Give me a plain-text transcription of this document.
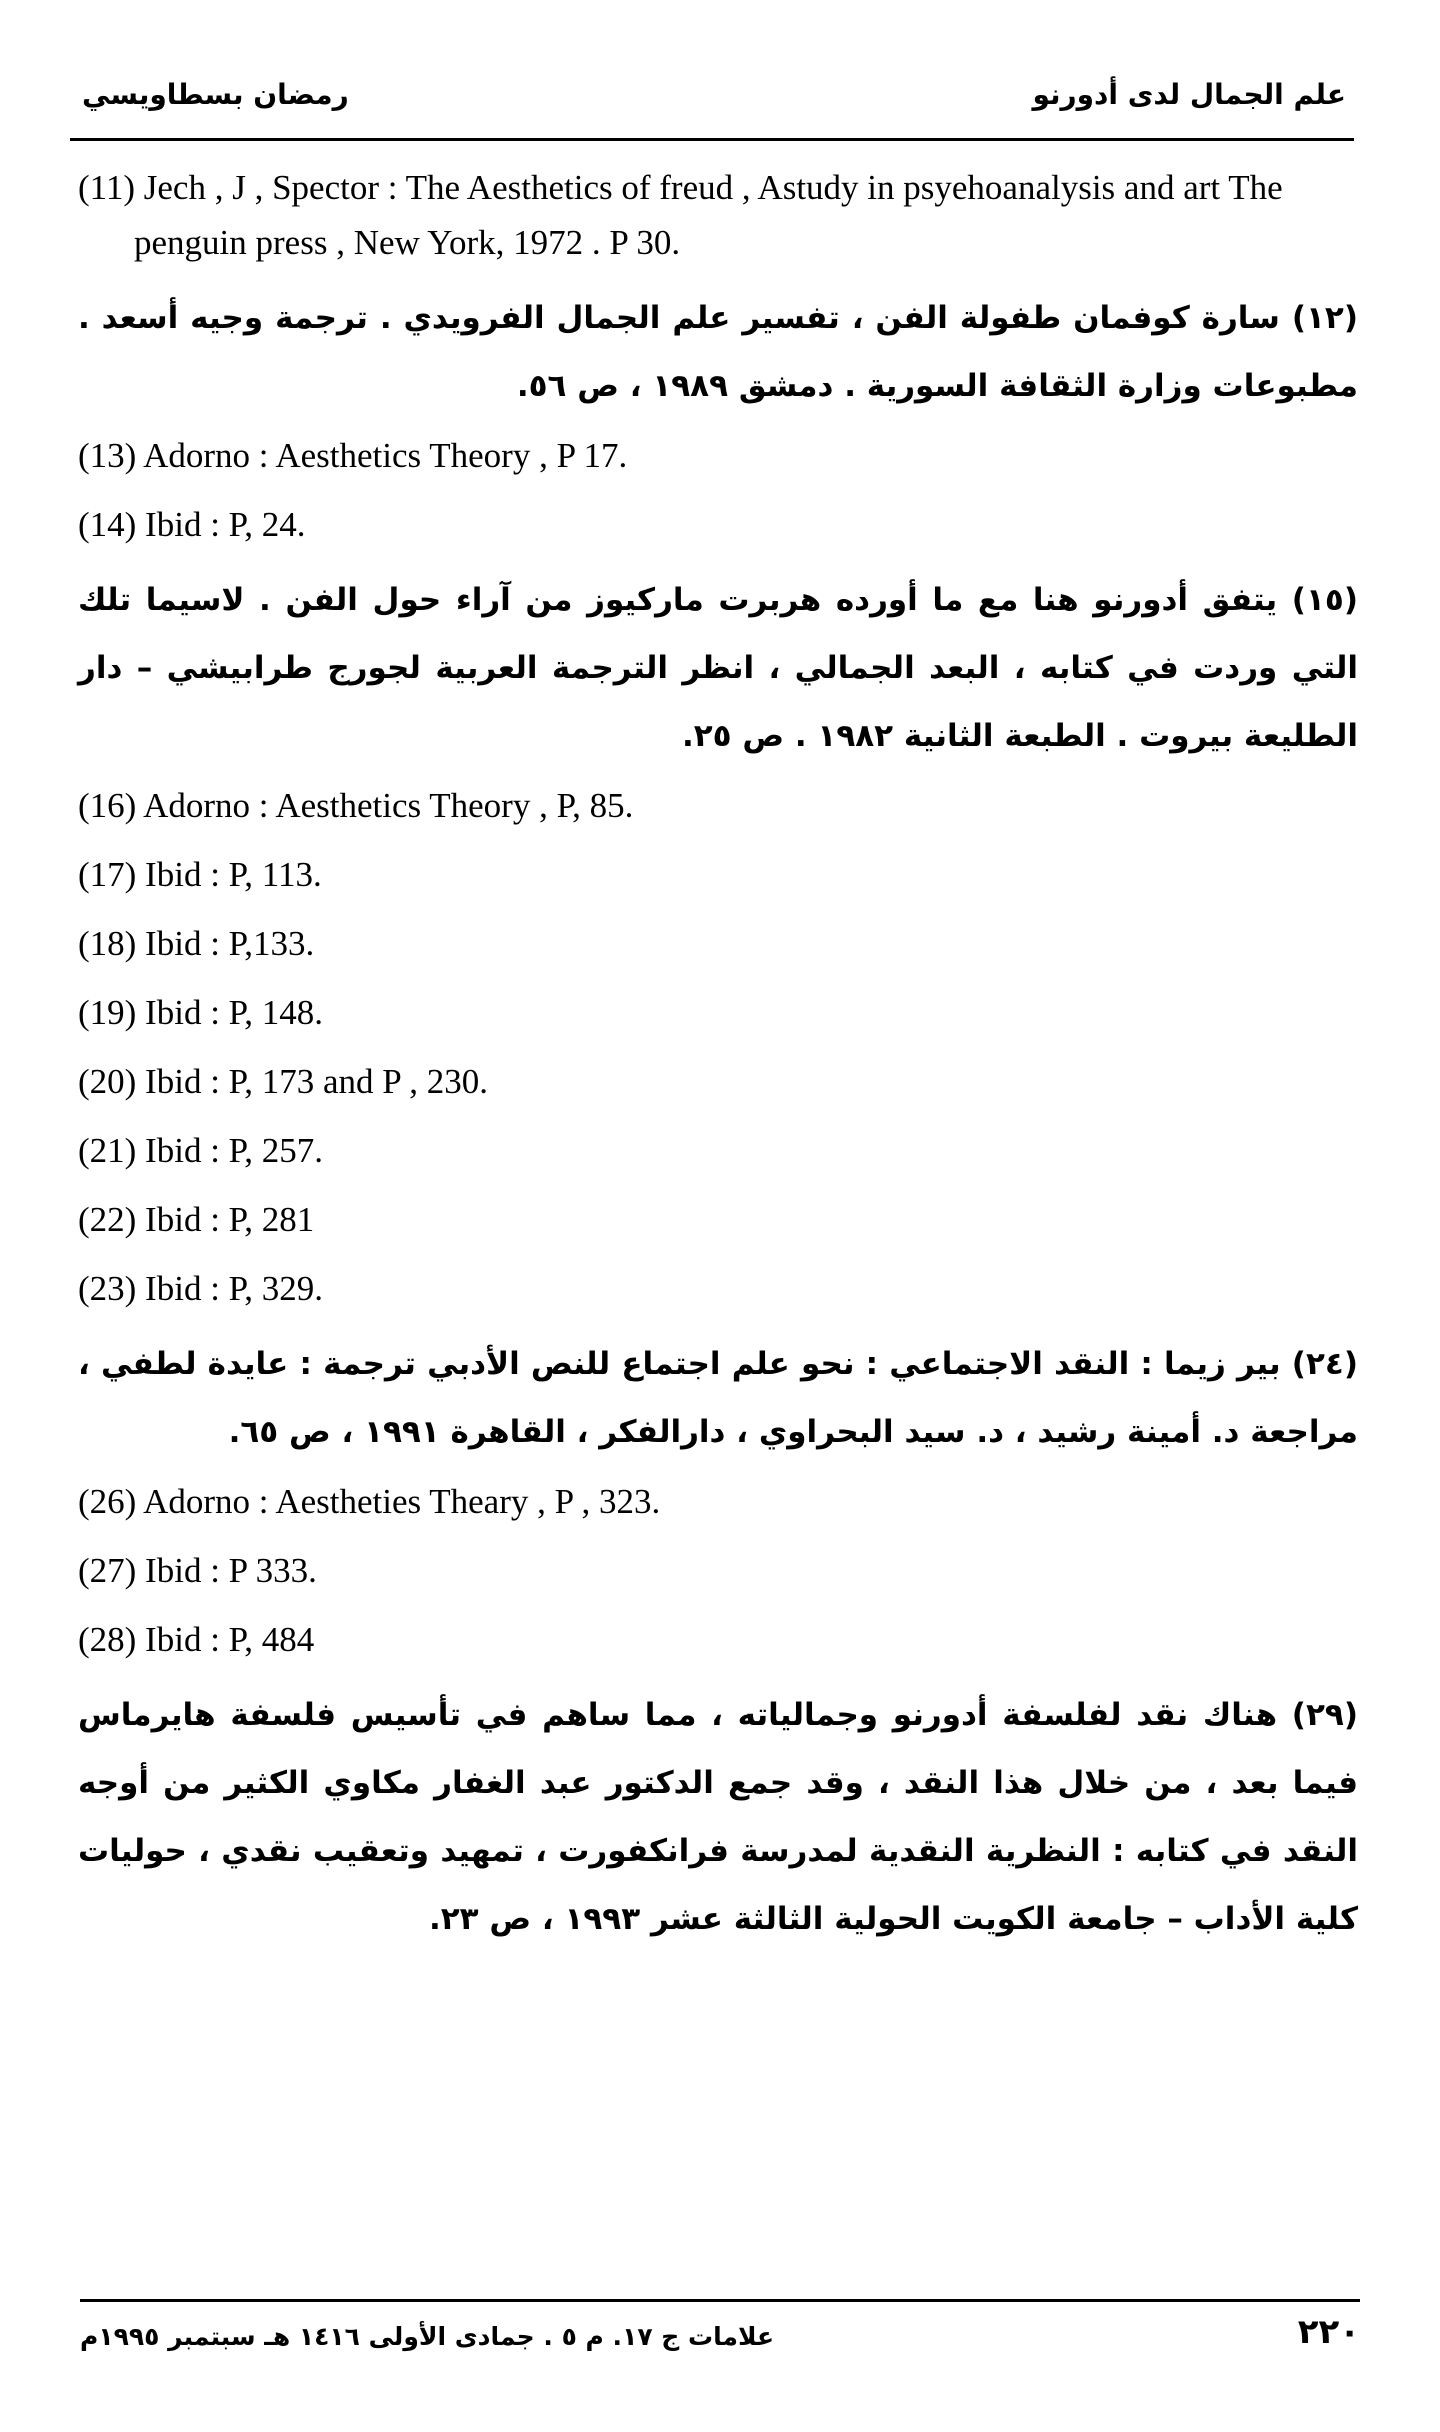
رمضان بسطاويسي	علم الجمال لدى أدورنو

(11) Jech , J , Spector : The Aesthetics of freud , Astudy in psyehoanalysis and art The penguin press , New York, 1972 . P 30.

(١٢) سارة كوفمان طفولة الفن ، تفسير علم الجمال الفرويدي . ترجمة وجيه أسعد . مطبوعات وزارة الثقافة السورية . دمشق ١٩٨٩ ، ص ٥٦.

(13) Adorno : Aesthetics Theory , P 17.

(14) Ibid : P, 24.

(١٥) يتفق أدورنو هنا مع ما أورده هربرت ماركيوز من آراء حول الفن . لاسيما تلك التي وردت في كتابه ، البعد الجمالي ، انظر الترجمة العربية لجورج طرابيشي – دار الطليعة بيروت . الطبعة الثانية ١٩٨٢ . ص ٢٥.

(16) Adorno : Aesthetics Theory , P, 85.

(17) Ibid : P, 113.

(18) Ibid : P,133.

(19) Ibid : P, 148.

(20) Ibid : P, 173 and P , 230.

(21) Ibid : P, 257.

(22) Ibid : P, 281

(23) Ibid : P, 329.

(٢٤) بير زيما : النقد الاجتماعي : نحو علم اجتماع للنص الأدبي ترجمة : عايدة لطفي ، مراجعة د. أمينة رشيد ، د. سيد البحراوي ، دارالفكر ، القاهرة ١٩٩١ ، ص ٦٥.

(26) Adorno : Aestheties Theary , P , 323.

(27) Ibid : P 333.

(28) Ibid : P, 484

(٢٩) هناك نقد لفلسفة أدورنو وجمالياته ، مما ساهم في تأسيس فلسفة هايرماس فيما بعد ، من خلال هذا النقد ، وقد جمع الدكتور عبد الغفار مكاوي الكثير من أوجه النقد في كتابه : النظرية النقدية لمدرسة فرانكفورت ، تمهيد وتعقيب نقدي ، حوليات كلية الأداب – جامعة الكويت الحولية الثالثة عشر ١٩٩٣ ، ص ٢٣.

علامات ج ١٧. م ٥ . جمادى الأولى ١٤١٦ هـ سبتمبر ١٩٩٥م	٢٢٠
